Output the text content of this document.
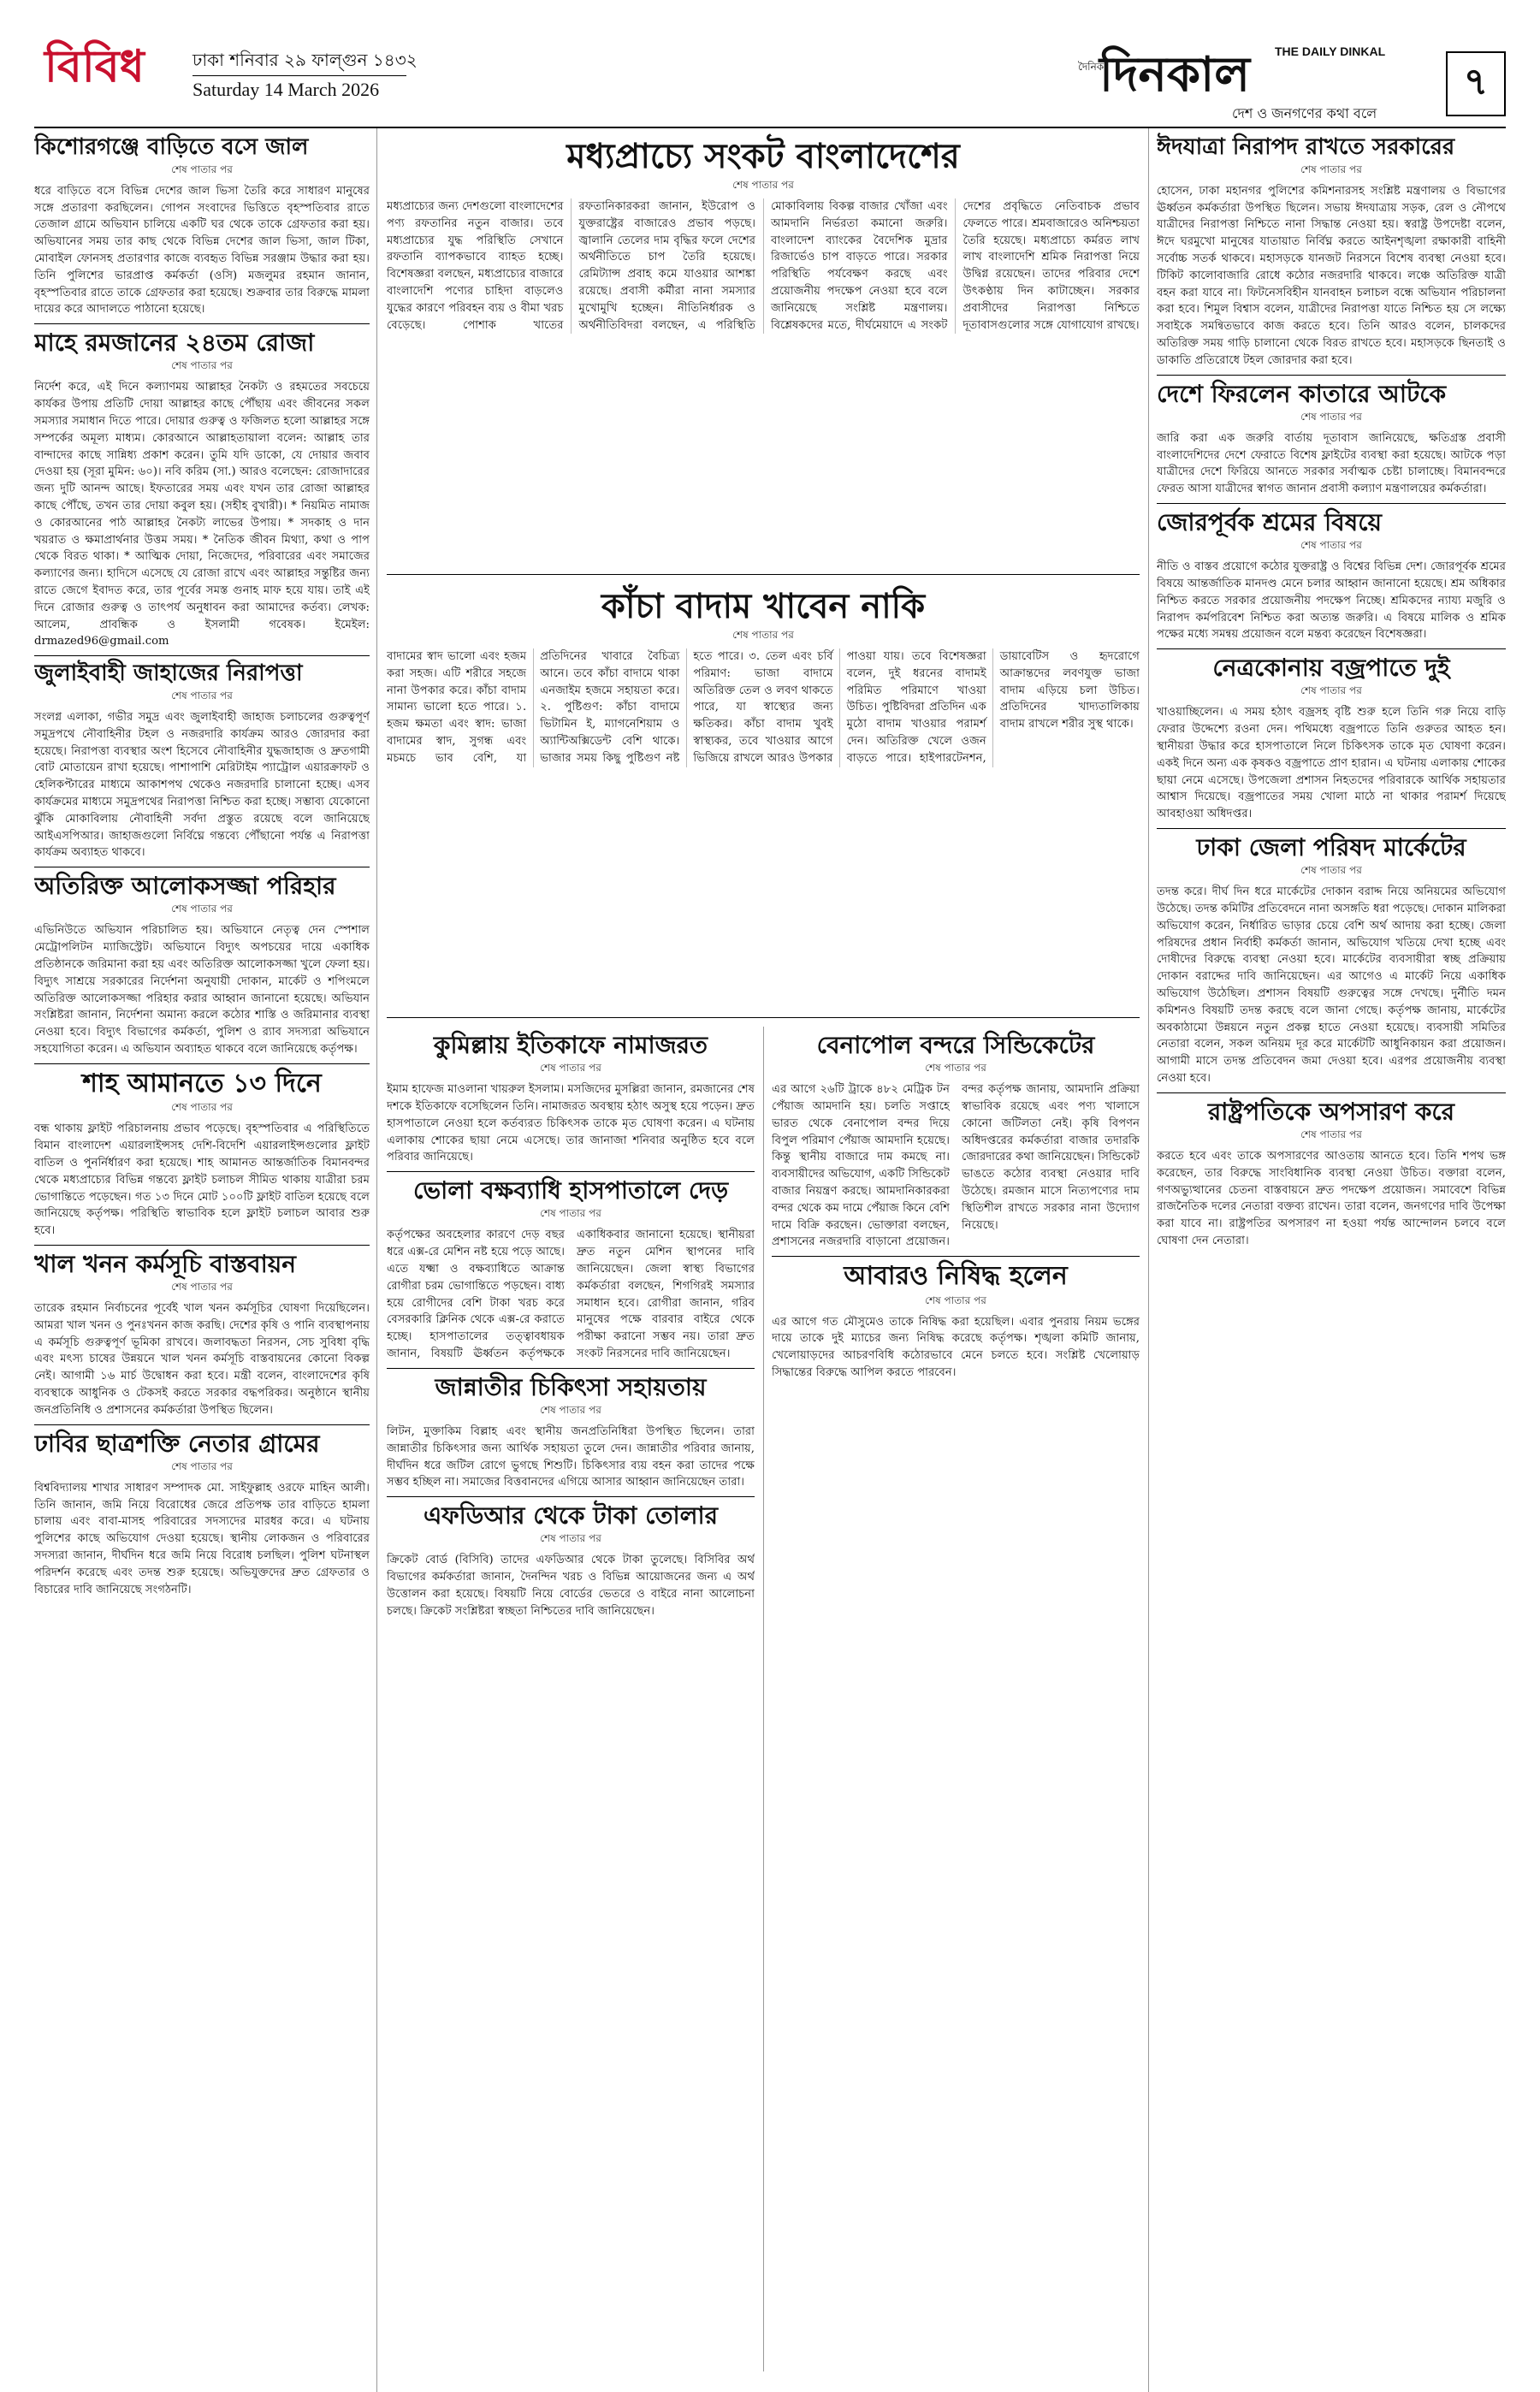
বিবিধ	ঢাকা শনিবার ২৯ ফাল্গুন ১৪৩২
Saturday 14 March 2026
দৈনিক
THE DAILY DINKAL
দিনকাল
দেশ ও জনগণের কথা বলে
৭
কিশোরগঞ্জে বাড়িতে বসে জাল
শেষ পাতার পর
ধরে বাড়িতে বসে বিভিন্ন দেশের জাল ভিসা তৈরি করে সাধারণ মানুষের সঙ্গে প্রতারণা করছিলেন। গোপন সংবাদের ভিত্তিতে বৃহস্পতিবার রাতে তেজাল গ্রামে অভিযান চালিয়ে একটি ঘর থেকে তাকে গ্রেফতার করা হয়। অভিযানের সময় তার কাছ থেকে বিভিন্ন দেশের জাল ভিসা, জাল টিকা, মোবাইল ফোনসহ প্রতারণার কাজে ব্যবহৃত বিভিন্ন সরঞ্জাম উদ্ধার করা হয়। তিনি পুলিশের ভারপ্রাপ্ত কর্মকর্তা (ওসি) মজলুমর রহমান জানান, বৃহস্পতিবার রাতে তাকে গ্রেফতার করা হয়েছে। শুক্রবার তার বিরুদ্ধে মামলা দায়ের করে আদালতে পাঠানো হয়েছে।
মাহে রমজানের ২৪তম রোজা
শেষ পাতার পর
নির্দেশ করে, এই দিনে কল্যাণময় আল্লাহর নৈকট্য ও রহমতের সবচেয়ে কার্যকর উপায় প্রতিটি দোয়া আল্লাহর কাছে পৌঁছায় এবং জীবনের সকল সমস্যার সমাধান দিতে পারে। দোয়ার গুরুত্ব ও ফজিলত হলো আল্লাহর সঙ্গে সম্পর্কের অমূল্য মাধ্যম। কোরআনে আল্লাহতায়ালা বলেন: আল্লাহ তার বান্দাদের কাছে সান্নিধ্য প্রকাশ করেন। তুমি যদি ডাকো, যে দোয়ার জবাব দেওয়া হয় (সূরা মুমিন: ৬০)। নবি করিম (সা.) আরও বলেছেন: রোজাদারের জন্য দুটি আনন্দ আছে। ইফতারের সময় এবং যখন তার রোজা আল্লাহর কাছে পৌঁছে, তখন তার দোয়া কবুল হয়। (সহীহ বুখারী)। * নিয়মিত নামাজ ও কোরআনের পাঠ আল্লাহর নৈকট্য লাভের উপায়। * সদকাহ ও দান খয়রাত ও ক্ষমাপ্রার্থনার উত্তম সময়। * নৈতিক জীবন মিথ্যা, কথা ও পাপ থেকে বিরত থাকা। * আত্মিক দোয়া, নিজেদের, পরিবারের এবং সমাজের কল্যাণের জন্য। হাদিসে এসেছে যে রোজা রাখে এবং আল্লাহর সন্তুষ্টির জন্য রাতে জেগে ইবাদত করে, তার পূর্বের সমস্ত গুনাহ মাফ হয়ে যায়। তাই এই দিনে রোজার গুরুত্ব ও তাৎপর্য অনুধাবন করা আমাদের কর্তব্য। লেখক: আলেম, প্রাবন্ধিক ও ইসলামী গবেষক। ইমেইল: drmazed96@gmail.com
জুলাইবাহী জাহাজের নিরাপত্তা
শেষ পাতার পর
সংলগ্ন এলাকা, গভীর সমুদ্র এবং জুলাইবাহী জাহাজ চলাচলের গুরুত্বপূর্ণ সমুদ্রপথে নৌবাহিনীর টহল ও নজরদারি কার্যক্রম আরও জোরদার করা হয়েছে। নিরাপত্তা ব্যবস্থার অংশ হিসেবে নৌবাহিনীর যুদ্ধজাহাজ ও দ্রুতগামী বোট মোতায়েন রাখা হয়েছে। পাশাপাশি মেরিটাইম প্যাট্রোল এয়ারক্রাফট ও হেলিকপ্টারের মাধ্যমে আকাশপথ থেকেও নজরদারি চালানো হচ্ছে। এসব কার্যক্রমের মাধ্যমে সমুদ্রপথের নিরাপত্তা নিশ্চিত করা হচ্ছে। সম্ভাব্য যেকোনো ঝুঁকি মোকাবিলায় নৌবাহিনী সর্বদা প্রস্তুত রয়েছে বলে জানিয়েছে আইএসপিআর। জাহাজগুলো নির্বিঘ্নে গন্তব্যে পৌঁছানো পর্যন্ত এ নিরাপত্তা কার্যক্রম অব্যাহত থাকবে।
অতিরিক্ত আলোকসজ্জা পরিহার
শেষ পাতার পর
এভিনিউতে অভিযান পরিচালিত হয়। অভিযানে নেতৃত্ব দেন স্পেশাল মেট্রোপলিটন ম্যাজিস্ট্রেট। অভিযানে বিদ্যুৎ অপচয়ের দায়ে একাধিক প্রতিষ্ঠানকে জরিমানা করা হয় এবং অতিরিক্ত আলোকসজ্জা খুলে ফেলা হয়। বিদ্যুৎ সাশ্রয়ে সরকারের নির্দেশনা অনুযায়ী দোকান, মার্কেট ও শপিংমলে অতিরিক্ত আলোকসজ্জা পরিহার করার আহ্বান জানানো হয়েছে। অভিযান সংশ্লিষ্টরা জানান, নির্দেশনা অমান্য করলে কঠোর শাস্তি ও জরিমানার ব্যবস্থা নেওয়া হবে। বিদ্যুৎ বিভাগের কর্মকর্তা, পুলিশ ও র‍্যাব সদস্যরা অভিযানে সহযোগিতা করেন। এ অভিযান অব্যাহত থাকবে বলে জানিয়েছে কর্তৃপক্ষ।
শাহ আমানতে ১৩ দিনে
শেষ পাতার পর
বন্ধ থাকায় ফ্লাইট পরিচালনায় প্রভাব পড়েছে। বৃহস্পতিবার এ পরিস্থিতিতে বিমান বাংলাদেশ এয়ারলাইন্সসহ দেশি-বিদেশি এয়ারলাইন্সগুলোর ফ্লাইট বাতিল ও পুনর্নির্ধারণ করা হয়েছে। শাহ আমানত আন্তর্জাতিক বিমানবন্দর থেকে মধ্যপ্রাচ্যের বিভিন্ন গন্তব্যে ফ্লাইট চলাচল সীমিত থাকায় যাত্রীরা চরম ভোগান্তিতে পড়েছেন। গত ১৩ দিনে মোট ১০০টি ফ্লাইট বাতিল হয়েছে বলে জানিয়েছে কর্তৃপক্ষ। পরিস্থিতি স্বাভাবিক হলে ফ্লাইট চলাচল আবার শুরু হবে।
খাল খনন কর্মসূচি বাস্তবায়ন
শেষ পাতার পর
তারেক রহমান নির্বাচনের পূর্বেই খাল খনন কর্মসূচির ঘোষণা দিয়েছিলেন। আমরা খাল খনন ও পুনঃখনন কাজ করছি। দেশের কৃষি ও পানি ব্যবস্থাপনায় এ কর্মসূচি গুরুত্বপূর্ণ ভূমিকা রাখবে। জলাবদ্ধতা নিরসন, সেচ সুবিধা বৃদ্ধি এবং মৎস্য চাষের উন্নয়নে খাল খনন কর্মসূচি বাস্তবায়নের কোনো বিকল্প নেই। আগামী ১৬ মার্চ উদ্বোধন করা হবে। মন্ত্রী বলেন, বাংলাদেশের কৃষি ব্যবস্থাকে আধুনিক ও টেকসই করতে সরকার বদ্ধপরিকর। অনুষ্ঠানে স্থানীয় জনপ্রতিনিধি ও প্রশাসনের কর্মকর্তারা উপস্থিত ছিলেন।
ঢাবির ছাত্রশক্তি নেতার গ্রামের
শেষ পাতার পর
বিশ্ববিদ্যালয় শাখার সাধারণ সম্পাদক মো. সাইফুল্লাহ ওরফে মাহিন আলী। তিনি জানান, জমি নিয়ে বিরোধের জেরে প্রতিপক্ষ তার বাড়িতে হামলা চালায় এবং বাবা-মাসহ পরিবারের সদস্যদের মারধর করে। এ ঘটনায় পুলিশের কাছে অভিযোগ দেওয়া হয়েছে। স্থানীয় লোকজন ও পরিবারের সদস্যরা জানান, দীর্ঘদিন ধরে জমি নিয়ে বিরোধ চলছিল। পুলিশ ঘটনাস্থল পরিদর্শন করেছে এবং তদন্ত শুরু হয়েছে। অভিযুক্তদের দ্রুত গ্রেফতার ও বিচারের দাবি জানিয়েছে সংগঠনটি।
মধ্যপ্রাচ্যে সংকট বাংলাদেশের
শেষ পাতার পর
মধ্যপ্রাচ্যের জন্য দেশগুলো বাংলাদেশের পণ্য রফতানির নতুন বাজার। তবে মধ্যপ্রাচ্যের যুদ্ধ পরিস্থিতি সেখানে রফতানি ব্যাপকভাবে ব্যাহত হচ্ছে। বিশেষজ্ঞরা বলছেন, মধ্যপ্রাচ্যের বাজারে বাংলাদেশি পণ্যের চাহিদা বাড়লেও যুদ্ধের কারণে পরিবহন ব্যয় ও বীমা খরচ বেড়েছে। পোশাক খাতের রফতানিকারকরা জানান, ইউরোপ ও যুক্তরাষ্ট্রের বাজারেও প্রভাব পড়ছে। জ্বালানি তেলের দাম বৃদ্ধির ফলে দেশের অর্থনীতিতে চাপ তৈরি হয়েছে। রেমিট্যান্স প্রবাহ কমে যাওয়ার আশঙ্কা রয়েছে। প্রবাসী কর্মীরা নানা সমস্যার মুখোমুখি হচ্ছেন। নীতিনির্ধারক ও অর্থনীতিবিদরা বলছেন, এ পরিস্থিতি মোকাবিলায় বিকল্প বাজার খোঁজা এবং আমদানি নির্ভরতা কমানো জরুরি। বাংলাদেশ ব্যাংকের বৈদেশিক মুদ্রার রিজার্ভেও চাপ বাড়তে পারে। সরকার পরিস্থিতি পর্যবেক্ষণ করছে এবং প্রয়োজনীয় পদক্ষেপ নেওয়া হবে বলে জানিয়েছে সংশ্লিষ্ট মন্ত্রণালয়। বিশ্লেষকদের মতে, দীর্ঘমেয়াদে এ সংকট দেশের প্রবৃদ্ধিতে নেতিবাচক প্রভাব ফেলতে পারে। শ্রমবাজারেও অনিশ্চয়তা তৈরি হয়েছে। মধ্যপ্রাচ্যে কর্মরত লাখ লাখ বাংলাদেশি শ্রমিক নিরাপত্তা নিয়ে উদ্বিগ্ন রয়েছেন। তাদের পরিবার দেশে উৎকণ্ঠায় দিন কাটাচ্ছেন। সরকার প্রবাসীদের নিরাপত্তা নিশ্চিতে দূতাবাসগুলোর সঙ্গে যোগাযোগ রাখছে।
কাঁচা বাদাম খাবেন নাকি
শেষ পাতার পর
বাদামের স্বাদ ভালো এবং হজম করা সহজ। এটি শরীরে সহজে নানা উপকার করে। কাঁচা বাদাম সামান্য ভালো হতে পারে। ১. হজম ক্ষমতা এবং স্বাদ: ভাজা বাদামের স্বাদ, সুগন্ধ এবং মচমচে ভাব বেশি, যা প্রতিদিনের খাবারে বৈচিত্র্য আনে। তবে কাঁচা বাদামে থাকা এনজাইম হজমে সহায়তা করে। ২. পুষ্টিগুণ: কাঁচা বাদামে ভিটামিন ই, ম্যাগনেশিয়াম ও অ্যান্টিঅক্সিডেন্ট বেশি থাকে। ভাজার সময় কিছু পুষ্টিগুণ নষ্ট হতে পারে। ৩. তেল এবং চর্বি পরিমাণ: ভাজা বাদামে অতিরিক্ত তেল ও লবণ থাকতে পারে, যা স্বাস্থ্যের জন্য ক্ষতিকর। কাঁচা বাদাম খুবই স্বাস্থ্যকর, তবে খাওয়ার আগে ভিজিয়ে রাখলে আরও উপকার পাওয়া যায়। তবে বিশেষজ্ঞরা বলেন, দুই ধরনের বাদামই পরিমিত পরিমাণে খাওয়া উচিত। পুষ্টিবিদরা প্রতিদিন এক মুঠো বাদাম খাওয়ার পরামর্শ দেন। অতিরিক্ত খেলে ওজন বাড়তে পারে। হাইপারটেনশন, ডায়াবেটিস ও হৃদরোগে আক্রান্তদের লবণযুক্ত ভাজা বাদাম এড়িয়ে চলা উচিত। প্রতিদিনের খাদ্যতালিকায় বাদাম রাখলে শরীর সুস্থ থাকে।
কুমিল্লায় ইতিকাফে নামাজরত
শেষ পাতার পর
ইমাম হাফেজ মাওলানা খায়রুল ইসলাম। মসজিদের মুসল্লিরা জানান, রমজানের শেষ দশকে ইতিকাফে বসেছিলেন তিনি। নামাজরত অবস্থায় হঠাৎ অসুস্থ হয়ে পড়েন। দ্রুত হাসপাতালে নেওয়া হলে কর্তব্যরত চিকিৎসক তাকে মৃত ঘোষণা করেন। এ ঘটনায় এলাকায় শোকের ছায়া নেমে এসেছে। তার জানাজা শনিবার অনুষ্ঠিত হবে বলে পরিবার জানিয়েছে।
ভোলা বক্ষব্যাধি হাসপাতালে দেড়
শেষ পাতার পর
কর্তৃপক্ষের অবহেলার কারণে দেড় বছর ধরে এক্স-রে মেশিন নষ্ট হয়ে পড়ে আছে। এতে যক্ষ্মা ও বক্ষব্যাধিতে আক্রান্ত রোগীরা চরম ভোগান্তিতে পড়ছেন। বাধ্য হয়ে রোগীদের বেশি টাকা খরচ করে বেসরকারি ক্লিনিক থেকে এক্স-রে করাতে হচ্ছে। হাসপাতালের তত্ত্বাবধায়ক জানান, বিষয়টি ঊর্ধ্বতন কর্তৃপক্ষকে একাধিকবার জানানো হয়েছে। স্থানীয়রা দ্রুত নতুন মেশিন স্থাপনের দাবি জানিয়েছেন। জেলা স্বাস্থ্য বিভাগের কর্মকর্তারা বলছেন, শিগগিরই সমস্যার সমাধান হবে। রোগীরা জানান, গরিব মানুষের পক্ষে বারবার বাইরে থেকে পরীক্ষা করানো সম্ভব নয়। তারা দ্রুত সংকট নিরসনের দাবি জানিয়েছেন।
জান্নাতীর চিকিৎসা সহায়তায়
শেষ পাতার পর
লিটন, মুক্তাকিম বিল্লাহ এবং স্থানীয় জনপ্রতিনিধিরা উপস্থিত ছিলেন। তারা জান্নাতীর চিকিৎসার জন্য আর্থিক সহায়তা তুলে দেন। জান্নাতীর পরিবার জানায়, দীর্ঘদিন ধরে জটিল রোগে ভুগছে শিশুটি। চিকিৎসার ব্যয় বহন করা তাদের পক্ষে সম্ভব হচ্ছিল না। সমাজের বিত্তবানদের এগিয়ে আসার আহ্বান জানিয়েছেন তারা।
এফডিআর থেকে টাকা তোলার
শেষ পাতার পর
ক্রিকেট বোর্ড (বিসিবি) তাদের এফডিআর থেকে টাকা তুলেছে। বিসিবির অর্থ বিভাগের কর্মকর্তারা জানান, দৈনন্দিন খরচ ও বিভিন্ন আয়োজনের জন্য এ অর্থ উত্তোলন করা হয়েছে। বিষয়টি নিয়ে বোর্ডের ভেতরে ও বাইরে নানা আলোচনা চলছে। ক্রিকেট সংশ্লিষ্টরা স্বচ্ছতা নিশ্চিতের দাবি জানিয়েছেন।
বেনাপোল বন্দরে সিন্ডিকেটের
শেষ পাতার পর
এর আগে ২৬টি ট্রাকে ৪৮২ মেট্রিক টন পেঁয়াজ আমদানি হয়। চলতি সপ্তাহে ভারত থেকে বেনাপোল বন্দর দিয়ে বিপুল পরিমাণ পেঁয়াজ আমদানি হয়েছে। কিন্তু স্থানীয় বাজারে দাম কমছে না। ব্যবসায়ীদের অভিযোগ, একটি সিন্ডিকেট বাজার নিয়ন্ত্রণ করছে। আমদানিকারকরা বন্দর থেকে কম দামে পেঁয়াজ কিনে বেশি দামে বিক্রি করছেন। ভোক্তারা বলছেন, প্রশাসনের নজরদারি বাড়ানো প্রয়োজন। বন্দর কর্তৃপক্ষ জানায়, আমদানি প্রক্রিয়া স্বাভাবিক রয়েছে এবং পণ্য খালাসে কোনো জটিলতা নেই। কৃষি বিপণন অধিদপ্তরের কর্মকর্তারা বাজার তদারকি জোরদারের কথা জানিয়েছেন। সিন্ডিকেট ভাঙতে কঠোর ব্যবস্থা নেওয়ার দাবি উঠেছে। রমজান মাসে নিত্যপণ্যের দাম স্থিতিশীল রাখতে সরকার নানা উদ্যোগ নিয়েছে।
আবারও নিষিদ্ধ হলেন
শেষ পাতার পর
এর আগে গত মৌসুমেও তাকে নিষিদ্ধ করা হয়েছিল। এবার পুনরায় নিয়ম ভঙ্গের দায়ে তাকে দুই ম্যাচের জন্য নিষিদ্ধ করেছে কর্তৃপক্ষ। শৃঙ্খলা কমিটি জানায়, খেলোয়াড়দের আচরণবিধি কঠোরভাবে মেনে চলতে হবে। সংশ্লিষ্ট খেলোয়াড় সিদ্ধান্তের বিরুদ্ধে আপিল করতে পারবেন।
ঈদযাত্রা নিরাপদ রাখতে সরকারের
শেষ পাতার পর
হোসেন, ঢাকা মহানগর পুলিশের কমিশনারসহ সংশ্লিষ্ট মন্ত্রণালয় ও বিভাগের ঊর্ধ্বতন কর্মকর্তারা উপস্থিত ছিলেন। সভায় ঈদযাত্রায় সড়ক, রেল ও নৌপথে যাত্রীদের নিরাপত্তা নিশ্চিতে নানা সিদ্ধান্ত নেওয়া হয়। স্বরাষ্ট্র উপদেষ্টা বলেন, ঈদে ঘরমুখো মানুষের যাতায়াত নির্বিঘ্ন করতে আইনশৃঙ্খলা রক্ষাকারী বাহিনী সর্বোচ্চ সতর্ক থাকবে। মহাসড়কে যানজট নিরসনে বিশেষ ব্যবস্থা নেওয়া হবে। টিকিট কালোবাজারি রোধে কঠোর নজরদারি থাকবে। লঞ্চে অতিরিক্ত যাত্রী বহন করা যাবে না। ফিটনেসবিহীন যানবাহন চলাচল বন্ধে অভিযান পরিচালনা করা হবে। শিমুল বিশ্বাস বলেন, যাত্রীদের নিরাপত্তা যাতে নিশ্চিত হয় সে লক্ষ্যে সবাইকে সমন্বিতভাবে কাজ করতে হবে। তিনি আরও বলেন, চালকদের অতিরিক্ত সময় গাড়ি চালানো থেকে বিরত রাখতে হবে। মহাসড়কে ছিনতাই ও ডাকাতি প্রতিরোধে টহল জোরদার করা হবে।
দেশে ফিরলেন কাতারে আটকে
শেষ পাতার পর
জারি করা এক জরুরি বার্তায় দূতাবাস জানিয়েছে, ক্ষতিগ্রস্ত প্রবাসী বাংলাদেশিদের দেশে ফেরাতে বিশেষ ফ্লাইটের ব্যবস্থা করা হয়েছে। আটকে পড়া যাত্রীদের দেশে ফিরিয়ে আনতে সরকার সর্বাত্মক চেষ্টা চালাচ্ছে। বিমানবন্দরে ফেরত আসা যাত্রীদের স্বাগত জানান প্রবাসী কল্যাণ মন্ত্রণালয়ের কর্মকর্তারা।
জোরপূর্বক শ্রমের বিষয়ে
শেষ পাতার পর
নীতি ও বাস্তব প্রয়োগে কঠোর যুক্তরাষ্ট্র ও বিশ্বের বিভিন্ন দেশ। জোরপূর্বক শ্রমের বিষয়ে আন্তর্জাতিক মানদণ্ড মেনে চলার আহ্বান জানানো হয়েছে। শ্রম অধিকার নিশ্চিত করতে সরকার প্রয়োজনীয় পদক্ষেপ নিচ্ছে। শ্রমিকদের ন্যায্য মজুরি ও নিরাপদ কর্মপরিবেশ নিশ্চিত করা অত্যন্ত জরুরি। এ বিষয়ে মালিক ও শ্রমিক পক্ষের মধ্যে সমন্বয় প্রয়োজন বলে মন্তব্য করেছেন বিশেষজ্ঞরা।
নেত্রকোনায় বজ্রপাতে দুই
শেষ পাতার পর
খাওয়াচ্ছিলেন। এ সময় হঠাৎ বজ্রসহ বৃষ্টি শুরু হলে তিনি গরু নিয়ে বাড়ি ফেরার উদ্দেশ্যে রওনা দেন। পথিমধ্যে বজ্রপাতে তিনি গুরুতর আহত হন। স্থানীয়রা উদ্ধার করে হাসপাতালে নিলে চিকিৎসক তাকে মৃত ঘোষণা করেন। একই দিনে অন্য এক কৃষকও বজ্রপাতে প্রাণ হারান। এ ঘটনায় এলাকায় শোকের ছায়া নেমে এসেছে। উপজেলা প্রশাসন নিহতদের পরিবারকে আর্থিক সহায়তার আশ্বাস দিয়েছে। বজ্রপাতের সময় খোলা মাঠে না থাকার পরামর্শ দিয়েছে আবহাওয়া অধিদপ্তর।
ঢাকা জেলা পরিষদ মার্কেটের
শেষ পাতার পর
তদন্ত করে। দীর্ঘ দিন ধরে মার্কেটের দোকান বরাদ্দ নিয়ে অনিয়মের অভিযোগ উঠেছে। তদন্ত কমিটির প্রতিবেদনে নানা অসঙ্গতি ধরা পড়েছে। দোকান মালিকরা অভিযোগ করেন, নির্ধারিত ভাড়ার চেয়ে বেশি অর্থ আদায় করা হচ্ছে। জেলা পরিষদের প্রধান নির্বাহী কর্মকর্তা জানান, অভিযোগ খতিয়ে দেখা হচ্ছে এবং দোষীদের বিরুদ্ধে ব্যবস্থা নেওয়া হবে। মার্কেটের ব্যবসায়ীরা স্বচ্ছ প্রক্রিয়ায় দোকান বরাদ্দের দাবি জানিয়েছেন। এর আগেও এ মার্কেট নিয়ে একাধিক অভিযোগ উঠেছিল। প্রশাসন বিষয়টি গুরুত্বের সঙ্গে দেখছে। দুর্নীতি দমন কমিশনও বিষয়টি তদন্ত করছে বলে জানা গেছে। কর্তৃপক্ষ জানায়, মার্কেটের অবকাঠামো উন্নয়নে নতুন প্রকল্প হাতে নেওয়া হয়েছে। ব্যবসায়ী সমিতির নেতারা বলেন, সকল অনিয়ম দূর করে মার্কেটটি আধুনিকায়ন করা প্রয়োজন। আগামী মাসে তদন্ত প্রতিবেদন জমা দেওয়া হবে। এরপর প্রয়োজনীয় ব্যবস্থা নেওয়া হবে।
রাষ্ট্রপতিকে অপসারণ করে
শেষ পাতার পর
করতে হবে এবং তাকে অপসারণের আওতায় আনতে হবে। তিনি শপথ ভঙ্গ করেছেন, তার বিরুদ্ধে সাংবিধানিক ব্যবস্থা নেওয়া উচিত। বক্তারা বলেন, গণঅভ্যুত্থানের চেতনা বাস্তবায়নে দ্রুত পদক্ষেপ প্রয়োজন। সমাবেশে বিভিন্ন রাজনৈতিক দলের নেতারা বক্তব্য রাখেন। তারা বলেন, জনগণের দাবি উপেক্ষা করা যাবে না। রাষ্ট্রপতির অপসারণ না হওয়া পর্যন্ত আন্দোলন চলবে বলে ঘোষণা দেন নেতারা।
